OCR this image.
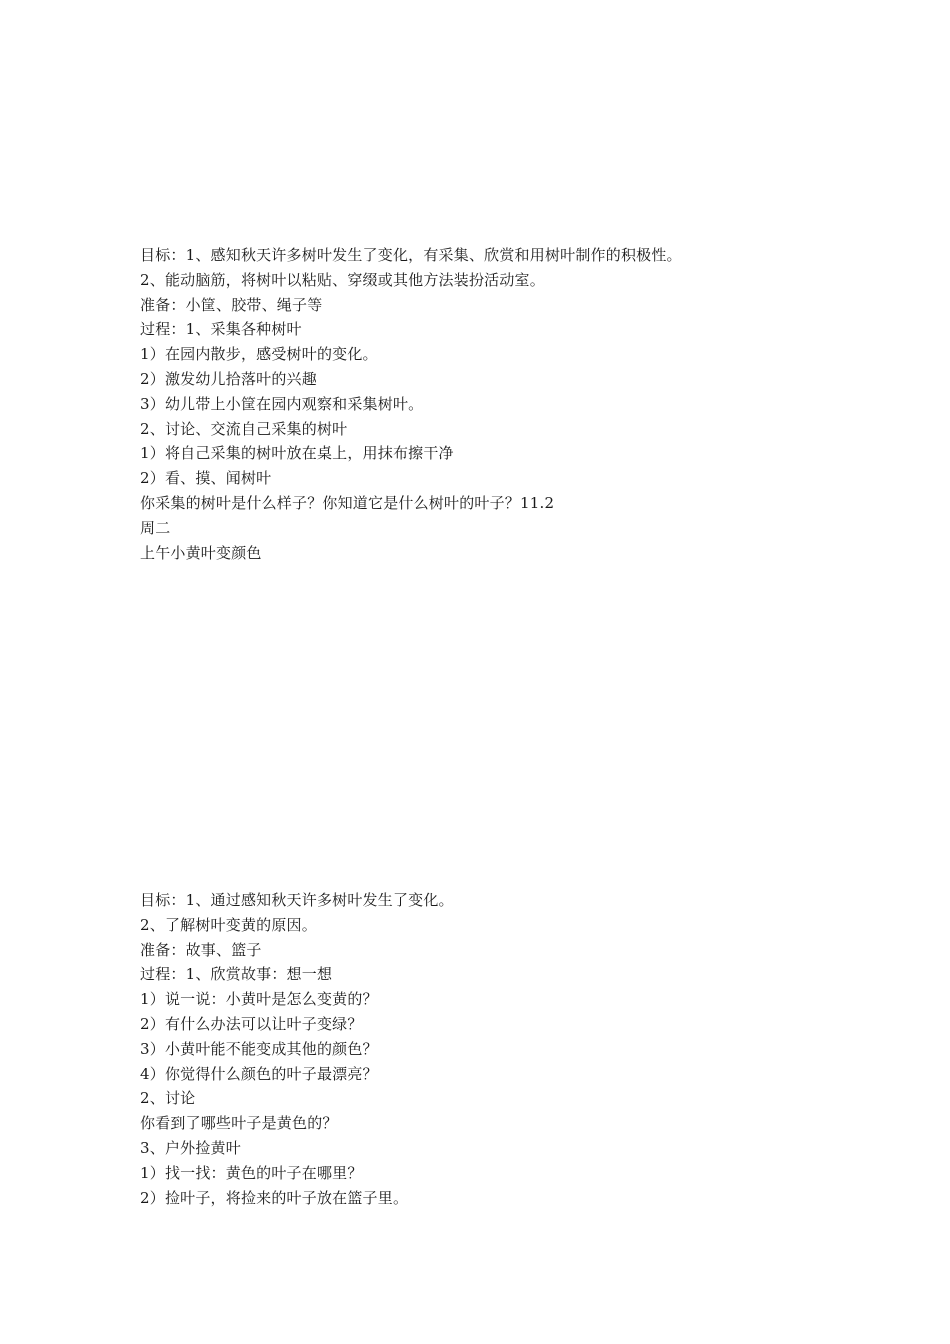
目标：1、感知秋天许多树叶发生了变化，有采集、欣赏和用树叶制作的积极性。
2、能动脑筋，将树叶以粘贴、穿缀或其他方法装扮活动室。
准备：小筐、胶带、绳子等
过程：1、采集各种树叶
1）在园内散步，感受树叶的变化。
2）激发幼儿拾落叶的兴趣
3）幼儿带上小筐在园内观察和采集树叶。
2、讨论、交流自己采集的树叶
1）将自己采集的树叶放在桌上，用抹布擦干净
2）看、摸、闻树叶
你采集的树叶是什么样子？你知道它是什么树叶的叶子？11.2
周二
上午小黄叶变颜色
目标：1、通过感知秋天许多树叶发生了变化。
2、了解树叶变黄的原因。
准备：故事、篮子
过程：1、欣赏故事：想一想
1）说一说：小黄叶是怎么变黄的？
2）有什么办法可以让叶子变绿？
3）小黄叶能不能变成其他的颜色？
4）你觉得什么颜色的叶子最漂亮？
2、讨论
你看到了哪些叶子是黄色的？
3、户外捡黄叶
1）找一找：黄色的叶子在哪里？
2）捡叶子，将捡来的叶子放在篮子里。
